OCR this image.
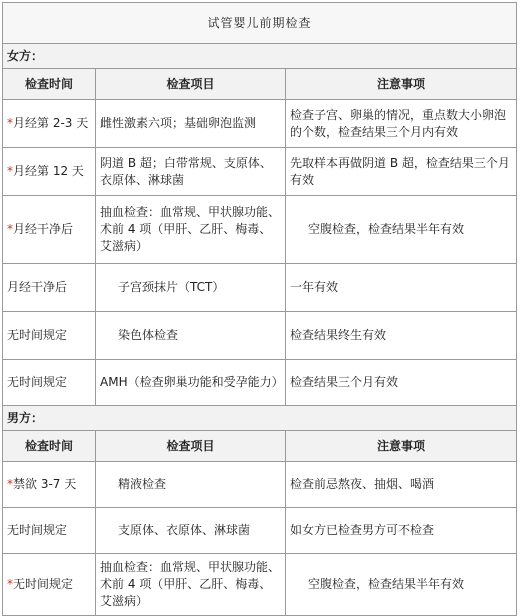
试管婴儿前期检查		
女方：		
检查时间	检查项目	注意事项
*月经第 2-3 天	雌性激素六项；基础卵泡监测	检查子宫、卵巢的情况，重点数大小卵泡的个数，检查结果三个月内有效
*月经第 12 天	阴道 B 超；白带常规、支原体、衣原体、淋球菌	先取样本再做阴道 B 超，检查结果三个月有效
*月经干净后	抽血检查：血常规、甲状腺功能、术前 4 项（甲肝、乙肝、梅毒、艾滋病）	空腹检查，检查结果半年有效
月经干净后	子宫颈抹片（TCT）	一年有效
无时间规定	染色体检查	检查结果终生有效
无时间规定	AMH（检查卵巢功能和受孕能力）	检查结果三个月有效
男方：		
检查时间	检查项目	注意事项
*禁欲 3-7 天	精液检查	检查前忌熬夜、抽烟、喝酒
无时间规定	支原体、衣原体、淋球菌	如女方已检查男方可不检查
*无时间规定	抽血检查：血常规、甲状腺功能、术前 4 项（甲肝、乙肝、梅毒、艾滋病）	空腹检查，检查结果半年有效
